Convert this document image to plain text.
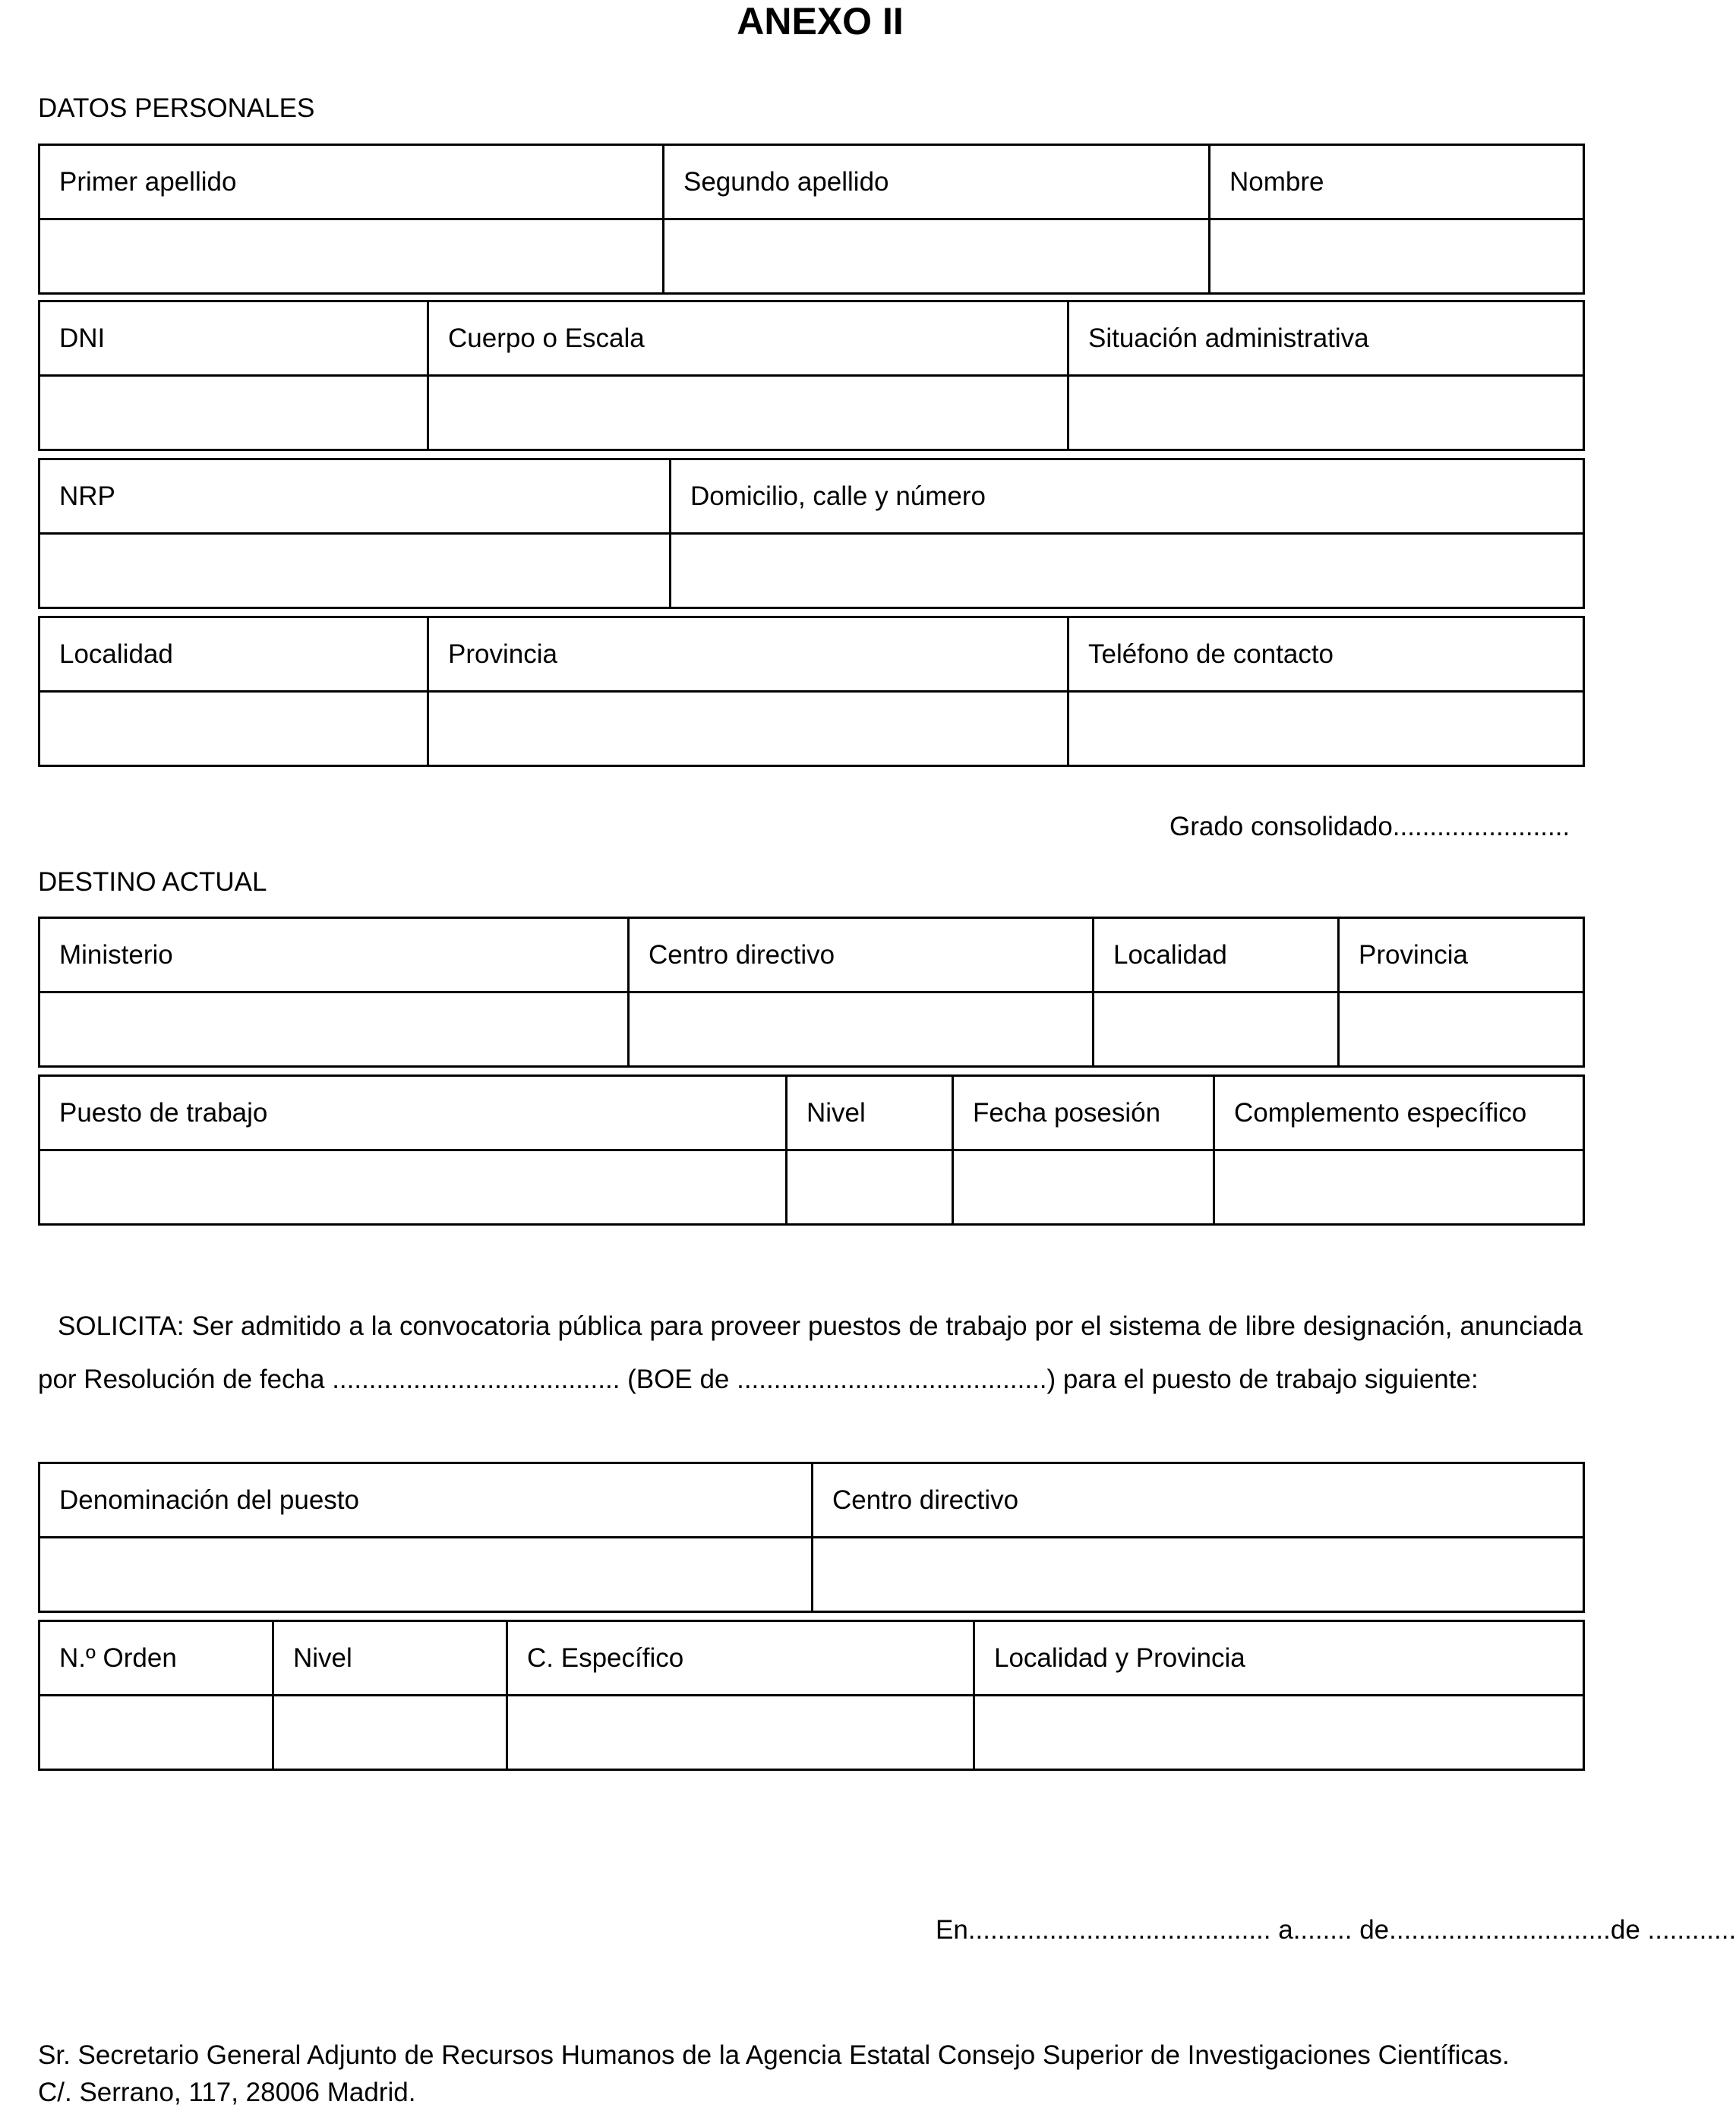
ANEXO II
DATOS PERSONALES
Primer apellido	Segundo apellido	Nombre

DNI	Cuerpo o Escala	Situación administrativa

NRP	Domicilio, calle y número

Localidad	Provincia	Teléfono de contacto

Grado consolidado........................
DESTINO ACTUAL
Ministerio	Centro directivo	Localidad	Provincia

Puesto de trabajo	Nivel	Fecha posesión	Complemento específico

SOLICITA: Ser admitido a la convocatoria pública para proveer puestos de trabajo por el sistema de libre designación, anunciada por Resolución de fecha ....................................... (BOE de ..........................................) para el puesto de trabajo siguiente:
Denominación del puesto	Centro directivo

N.º Orden	Nivel	C. Específico	Localidad y Provincia

En......................................... a........ de..............................de ............
Sr. Secretario General Adjunto de Recursos Humanos de la Agencia Estatal Consejo Superior de Investigaciones Científicas.
C/. Serrano, 117, 28006 Madrid.
